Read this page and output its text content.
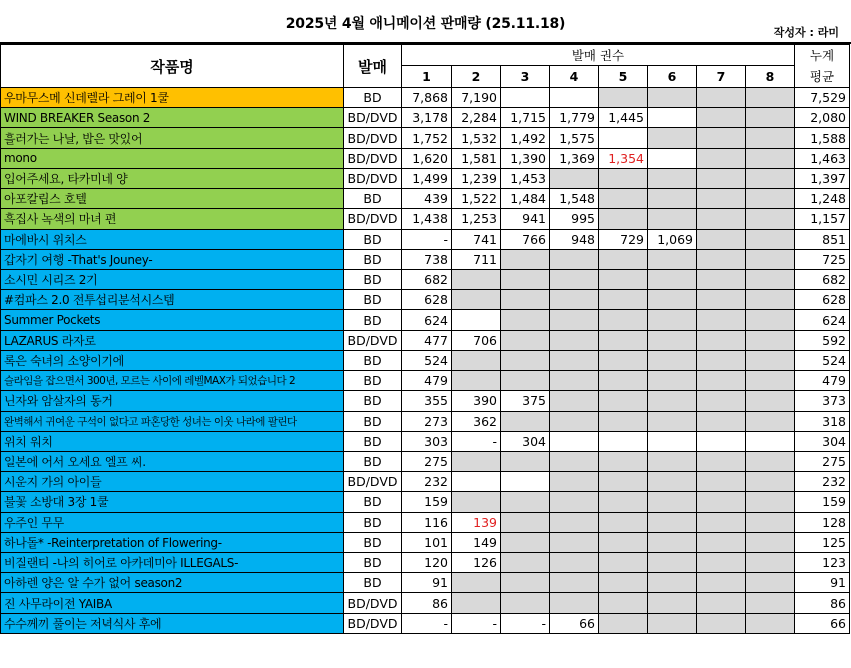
2025년 4월 애니메이션 판매량 (25.11.18)
작성자 : 라미
작품명	발매	발매 권수								누계
		1	2	3	4	5	6	7	8	평균
우마무스메 신데렐라 그레이 1쿨	BD	7,868	7,190							7,529
WIND BREAKER Season 2	BD/DVD	3,178	2,284	1,715	1,779	1,445				2,080
흘러가는 나날, 밥은 맛있어	BD/DVD	1,752	1,532	1,492	1,575					1,588
mono	BD/DVD	1,620	1,581	1,390	1,369	1,354				1,463
입어주세요, 타카미네 양	BD/DVD	1,499	1,239	1,453						1,397
아포칼립스 호텔	BD	439	1,522	1,484	1,548					1,248
흑집사 녹색의 마녀 편	BD/DVD	1,438	1,253	941	995					1,157
마에바시 위치스	BD	-	741	766	948	729	1,069			851
갑자기 여행 -That's Jouney-	BD	738	711							725
소시민 시리즈 2기	BD	682								682
#컴파스 2.0 전투섭리분석시스템	BD	628								628
Summer Pockets	BD	624								624
LAZARUS 라자로	BD/DVD	477	706							592
록은 숙녀의 소양이기에	BD	524								524
슬라임을 잡으면서 300년, 모르는 사이에 레벨MAX가 되었습니다 2	BD	479								479
닌자와 암살자의 동거	BD	355	390	375						373
완벽해서 귀여운 구석이 없다고 파혼당한 성녀는 이웃 나라에 팔린다	BD	273	362							318
위치 워치	BD	303	-	304						304
일본에 어서 오세요 엘프 씨.	BD	275								275
시운지 가의 아이들	BD/DVD	232								232
불꽃 소방대 3장 1쿨	BD	159								159
우주인 무무	BD	116	139							128
하나돌* -Reinterpretation of Flowering-	BD	101	149							125
비질랜티 -나의 히어로 아카데미아 ILLEGALS-	BD	120	126							123
아하렌 양은 알 수가 없어 season2	BD	91								91
진 사무라이전 YAIBA	BD/DVD	86								86
수수께끼 풀이는 저녁식사 후에	BD/DVD	-	-	-	66					66
